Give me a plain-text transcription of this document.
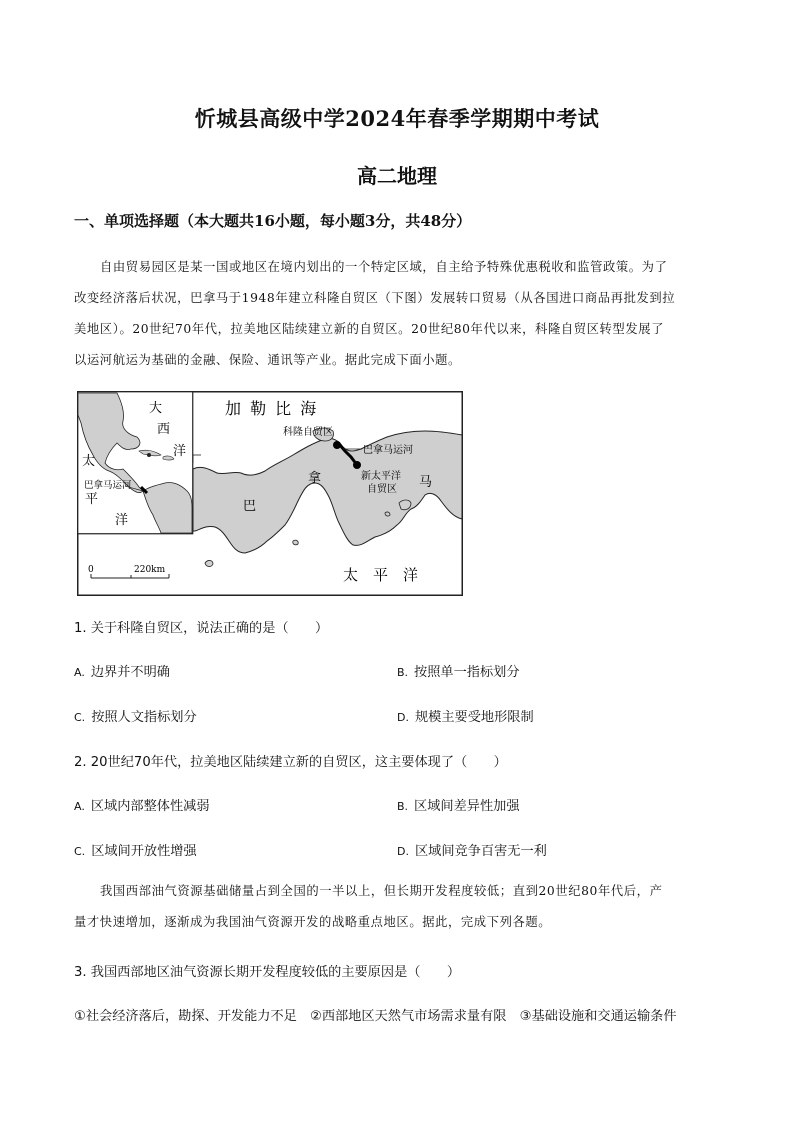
忻城县高级中学2024年春季学期期中考试
高二地理
一、单项选择题（本大题共16小题，每小题3分，共48分）
自由贸易园区是某一国或地区在境内划出的一个特定区域，自主给予特殊优惠税收和监管政策。为了
改变经济落后状况，巴拿马于1948年建立科隆自贸区（下图）发展转口贸易（从各国进口商品再批发到拉
美地区）。20世纪70年代，拉美地区陆续建立新的自贸区。20世纪80年代以来，科隆自贸区转型发展了
以运河航运为基础的金融、保险、通讯等产业。据此完成下面小题。
大
西
洋
太
巴拿马运河
平
洋
加 勒 比 海
科隆自贸区
巴拿马运河
新太平洋
自贸区
巴
拿	马
太　平　洋
0	220km
1. 关于科隆自贸区，说法正确的是（　　）
A. 边界并不明确	B. 按照单一指标划分
C. 按照人文指标划分	D. 规模主要受地形限制
2. 20世纪70年代，拉美地区陆续建立新的自贸区，这主要体现了（　　）
A. 区域内部整体性减弱	B. 区域间差异性加强
C. 区域间开放性增强	D. 区域间竞争百害无一利
我国西部油气资源基础储量占到全国的一半以上，但长期开发程度较低；直到20世纪80年代后，产
量才快速增加，逐渐成为我国油气资源开发的战略重点地区。据此，完成下列各题。
3. 我国西部地区油气资源长期开发程度较低的主要原因是（　　）
①社会经济落后，勘探、开发能力不足　②西部地区天然气市场需求量有限　③基础设施和交通运输条件
